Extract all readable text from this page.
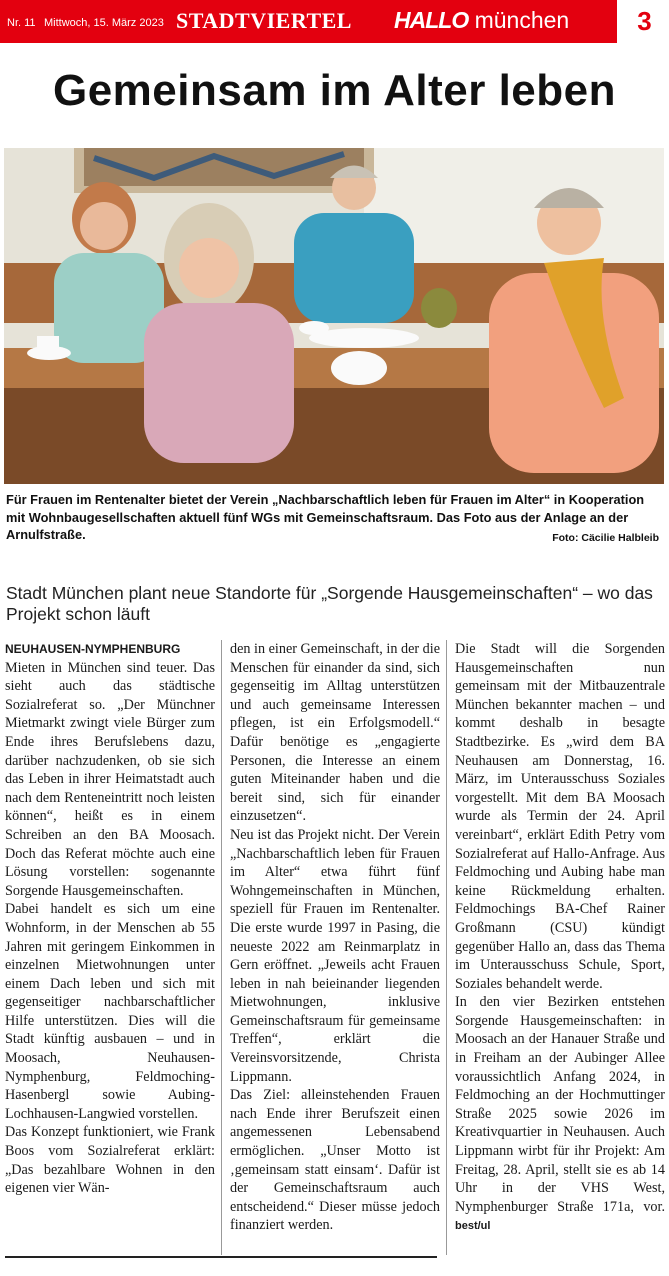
Nr. 11 Mittwoch, 15. März 2023 STADTVIERTEL HALLO münchen	3
Gemeinsam im Alter leben
Für Frauen im Rentenalter bietet der Verein „Nachbarschaftlich leben für Frauen im Alter“ in Kooperation mit Wohnbaugesellschaften aktuell fünf WGs mit Gemeinschaftsraum. Das Foto aus der Anlage an der Arnulfstraße.	Foto: Cäcilie Halbleib
Stadt München plant neue Standorte für „Sorgende Hausgemeinschaften“ – wo das Projekt schon läuft

NEUHAUSEN-NYMPHENBURG Mieten in München sind teuer. Das sieht auch das städtische Sozialreferat so. „Der Münchner Mietmarkt zwingt viele Bürger zum Ende ihres Berufslebens dazu, darüber nachzudenken, ob sie sich das Leben in ihrer Heimatstadt auch nach dem Renteneintritt noch leisten können“, heißt es in einem Schreiben an den BA Moosach. Doch das Referat möchte auch eine Lösung vorstellen: sogenannte Sorgende Hausgemeinschaften.

Dabei handelt es sich um eine Wohnform, in der Menschen ab 55 Jahren mit geringem Einkommen in einzelnen Mietwohnungen unter einem Dach leben und sich mit gegenseitiger nachbarschaftlicher Hilfe unterstützen. Dies will die Stadt künftig ausbauen – und in Moosach, Neuhausen-Nymphenburg, Feldmoching-Hasenbergl sowie Aubing-Lochhausen-Langwied vorstellen.

Das Konzept funktioniert, wie Frank Boos vom Sozialreferat erklärt: „Das bezahlbare Wohnen in den eigenen vier Wän-

den in einer Gemeinschaft, in der die Menschen für einander da sind, sich gegenseitig im Alltag unterstützen und auch gemeinsame Interessen pflegen, ist ein Erfolgsmodell.“ Dafür benötige es „engagierte Personen, die Interesse an einem guten Miteinander haben und die bereit sind, sich für einander einzusetzen“.

Neu ist das Projekt nicht. Der Verein „Nachbarschaftlich leben für Frauen im Alter“ etwa führt fünf Wohngemeinschaften in München, speziell für Frauen im Rentenalter. Die erste wurde 1997 in Pasing, die neueste 2022 am Reinmarplatz in Gern eröffnet. „Jeweils acht Frauen leben in nah beieinander liegenden Mietwohnungen, inklusive Gemeinschaftsraum für gemeinsame Treffen“, erklärt die Vereinsvorsitzende, Christa Lippmann.

Das Ziel: alleinstehenden Frauen nach Ende ihrer Berufszeit einen angemessenen Lebensabend ermöglichen. „Unser Motto ist ‚gemeinsam statt einsam‘. Dafür ist der Gemeinschaftsraum auch entscheidend.“ Dieser müsse jedoch finanziert werden.

Die Stadt will die Sorgenden Hausgemeinschaften nun gemeinsam mit der Mitbauzentrale München bekannter machen – und kommt deshalb in besagte Stadtbezirke. Es „wird dem BA Neuhausen am Donnerstag, 16. März, im Unterausschuss Soziales vorgestellt. Mit dem BA Moosach wurde als Termin der 24. April vereinbart“, erklärt Edith Petry vom Sozialreferat auf Hallo-Anfrage. Aus Feldmoching und Aubing habe man keine Rückmeldung erhalten. Feldmochings BA-Chef Rainer Großmann (CSU) kündigt gegenüber Hallo an, dass das Thema im Unterausschuss Schule, Sport, Soziales behandelt werde.

In den vier Bezirken entstehen Sorgende Hausgemeinschaften: in Moosach an der Hanauer Straße und in Freiham an der Aubinger Allee voraussichtlich Anfang 2024, in Feldmoching an der Hochmuttinger Straße 2025 sowie 2026 im Kreativquartier in Neuhausen. Auch Lippmann wirbt für ihr Projekt: Am Freitag, 28. April, stellt sie es ab 14 Uhr in der VHS West, Nymphenburger Straße 171a, vor. best/ul
